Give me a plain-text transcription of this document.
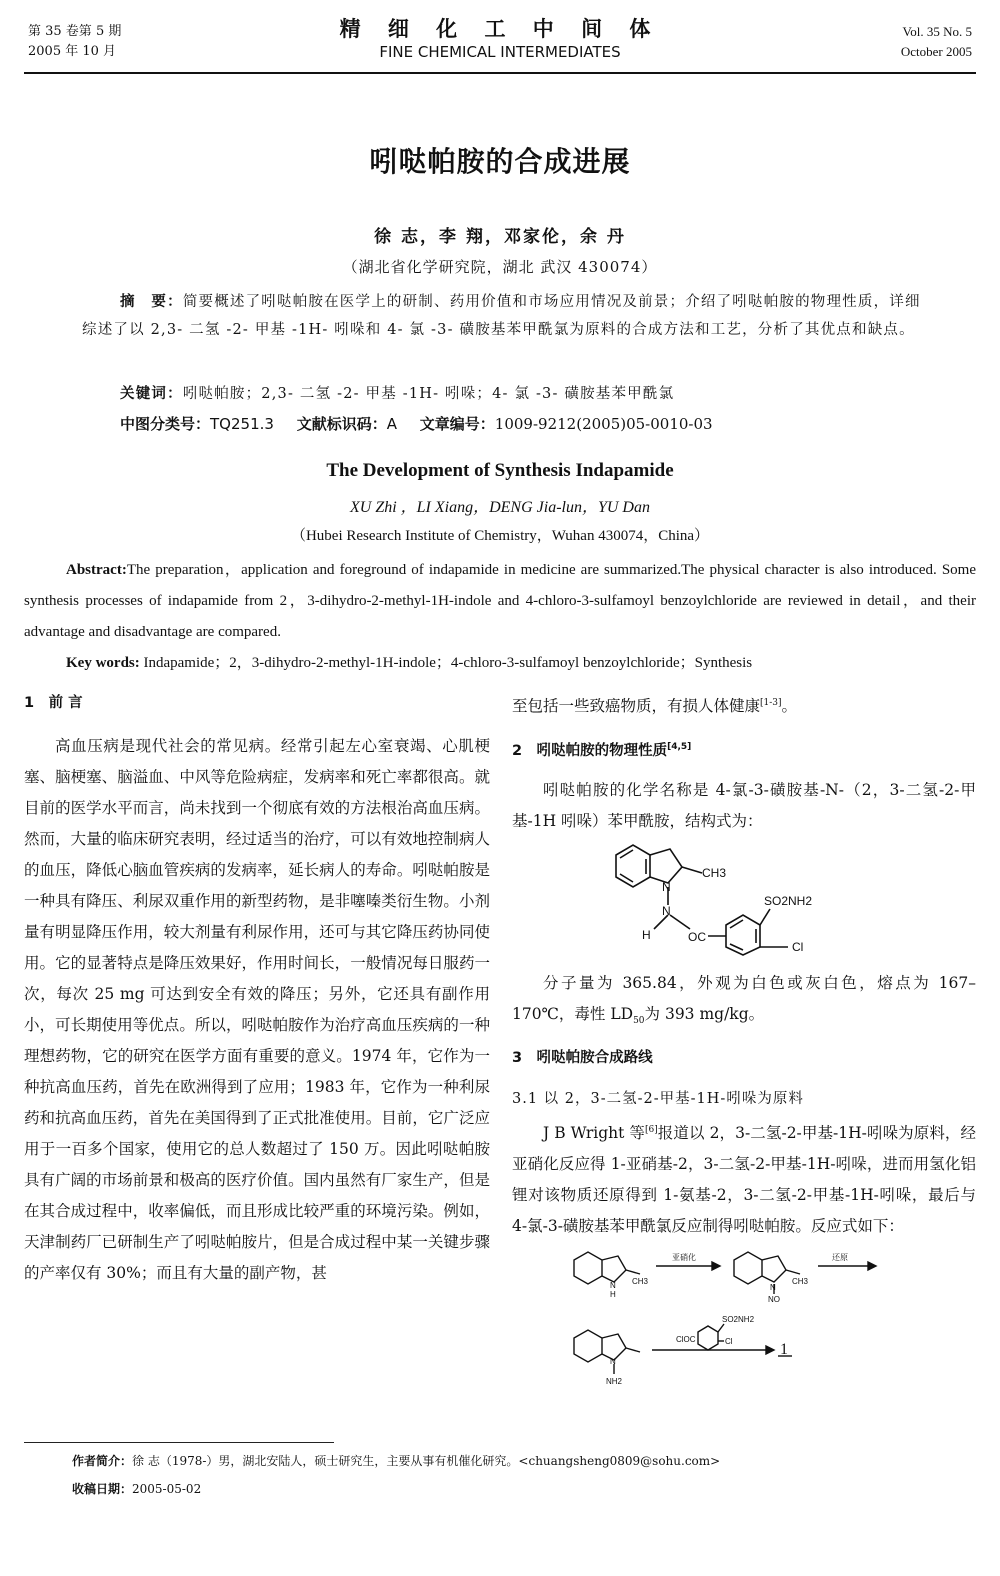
第 35 卷第 5 期
2005 年 10 月
精 细 化 工 中 间 体
FINE CHEMICAL INTERMEDIATES
Vol. 35 No. 5
October 2005
吲哒帕胺的合成进展
徐 志，李 翔，邓家伦，余 丹
（湖北省化学研究院，湖北 武汉 430074）
摘　要：简要概述了吲哒帕胺在医学上的研制、药用价值和市场应用情况及前景；介绍了吲哒帕胺的物理性质，详细综述了以 2,3- 二氢 -2- 甲基 -1H- 吲哚和 4- 氯 -3- 磺胺基苯甲酰氯为原料的合成方法和工艺，分析了其优点和缺点。
关键词：吲哒帕胺；2,3- 二氢 -2- 甲基 -1H- 吲哚；4- 氯 -3- 磺胺基苯甲酰氯
中图分类号：TQ251.3 文献标识码：A 文章编号：1009-9212(2005)05-0010-03
The Development of Synthesis Indapamide
XU Zhi ，LI Xiang，DENG Jia-lun，YU Dan
（Hubei Research Institute of Chemistry，Wuhan 430074，China）
Abstract:The preparation，application and foreground of indapamide in medicine are summarized.The physical character is also introduced. Some synthesis processes of indapamide from 2，3-dihydro-2-methyl-1H-indole and 4-chloro-3-sulfamoyl benzoylchloride are reviewed in detail，and their advantage and disadvantage are compared.
Key words: Indapamide；2，3-dihydro-2-methyl-1H-indole；4-chloro-3-sulfamoyl benzoylchloride；Synthesis
1　前 言

高血压病是现代社会的常见病。经常引起左心室衰竭、心肌梗塞、脑梗塞、脑溢血、中风等危险病症，发病率和死亡率都很高。就目前的医学水平而言，尚未找到一个彻底有效的方法根治高血压病。然而，大量的临床研究表明，经过适当的治疗，可以有效地控制病人的血压，降低心脑血管疾病的发病率，延长病人的寿命。吲哒帕胺是一种具有降压、利尿双重作用的新型药物，是非噻嗪类衍生物。小剂量有明显降压作用，较大剂量有利尿作用，还可与其它降压药协同使用。它的显著特点是降压效果好，作用时间长，一般情况每日服药一次，每次 25 mg 可达到安全有效的降压；另外，它还具有副作用小，可长期使用等优点。所以，吲哒帕胺作为治疗高血压疾病的一种理想药物，它的研究在医学方面有重要的意义。1974 年，它作为一种抗高血压药，首先在欧洲得到了应用；1983 年，它作为一种利尿药和抗高血压药，首先在美国得到了正式批准使用。目前，它广泛应用于一百多个国家，使用它的总人数超过了 150 万。因此吲哒帕胺具有广阔的市场前景和极高的医疗价值。国内虽然有厂家生产，但是在其合成过程中，收率偏低，而且形成比较严重的环境污染。例如，天津制药厂已研制生产了吲哒帕胺片，但是合成过程中某一关键步骤的产率仅有 30%；而且有大量的副产物，甚

至包括一些致癌物质，有损人体健康[1-3]。
2　吲哒帕胺的物理性质[4,5]

吲哒帕胺的化学名称是 4-氯-3-磺胺基-N-（2，3-二氢-2-甲基-1H 吲哚）苯甲酰胺，结构式为：

CH3
N
N
H	OC
SO2NH2
Cl

分子量为 365.84，外观为白色或灰白色，熔点为 167–170℃，毒性 $LD_{50}$为 393 mg/kg。

3　吲哒帕胺合成路线
3.1 以 2，3-二氢-2-甲基-1H-吲哚为原料

J B Wright 等[6]报道以 2，3-二氢-2-甲基-1H-吲哚为原料，经亚硝化反应得 1-亚硝基-2，3-二氢-2-甲基-1H-吲哚，进而用氢化铝锂对该物质还原得到 1-氨基-2，3-二氢-2-甲基-1H-吲哚，最后与 4-氯-3-磺胺基苯甲酰氯反应制得吲哒帕胺。反应式如下：

亚硝化	还原
N
H
CH3
N
NO
CH3
N
NH2
ClOC
SO2NH2
Cl	1
作者简介：徐 志（1978-）男，湖北安陆人，硕士研究生，主要从事有机催化研究。<chuangsheng0809@sohu.com>
收稿日期：2005-05-02
